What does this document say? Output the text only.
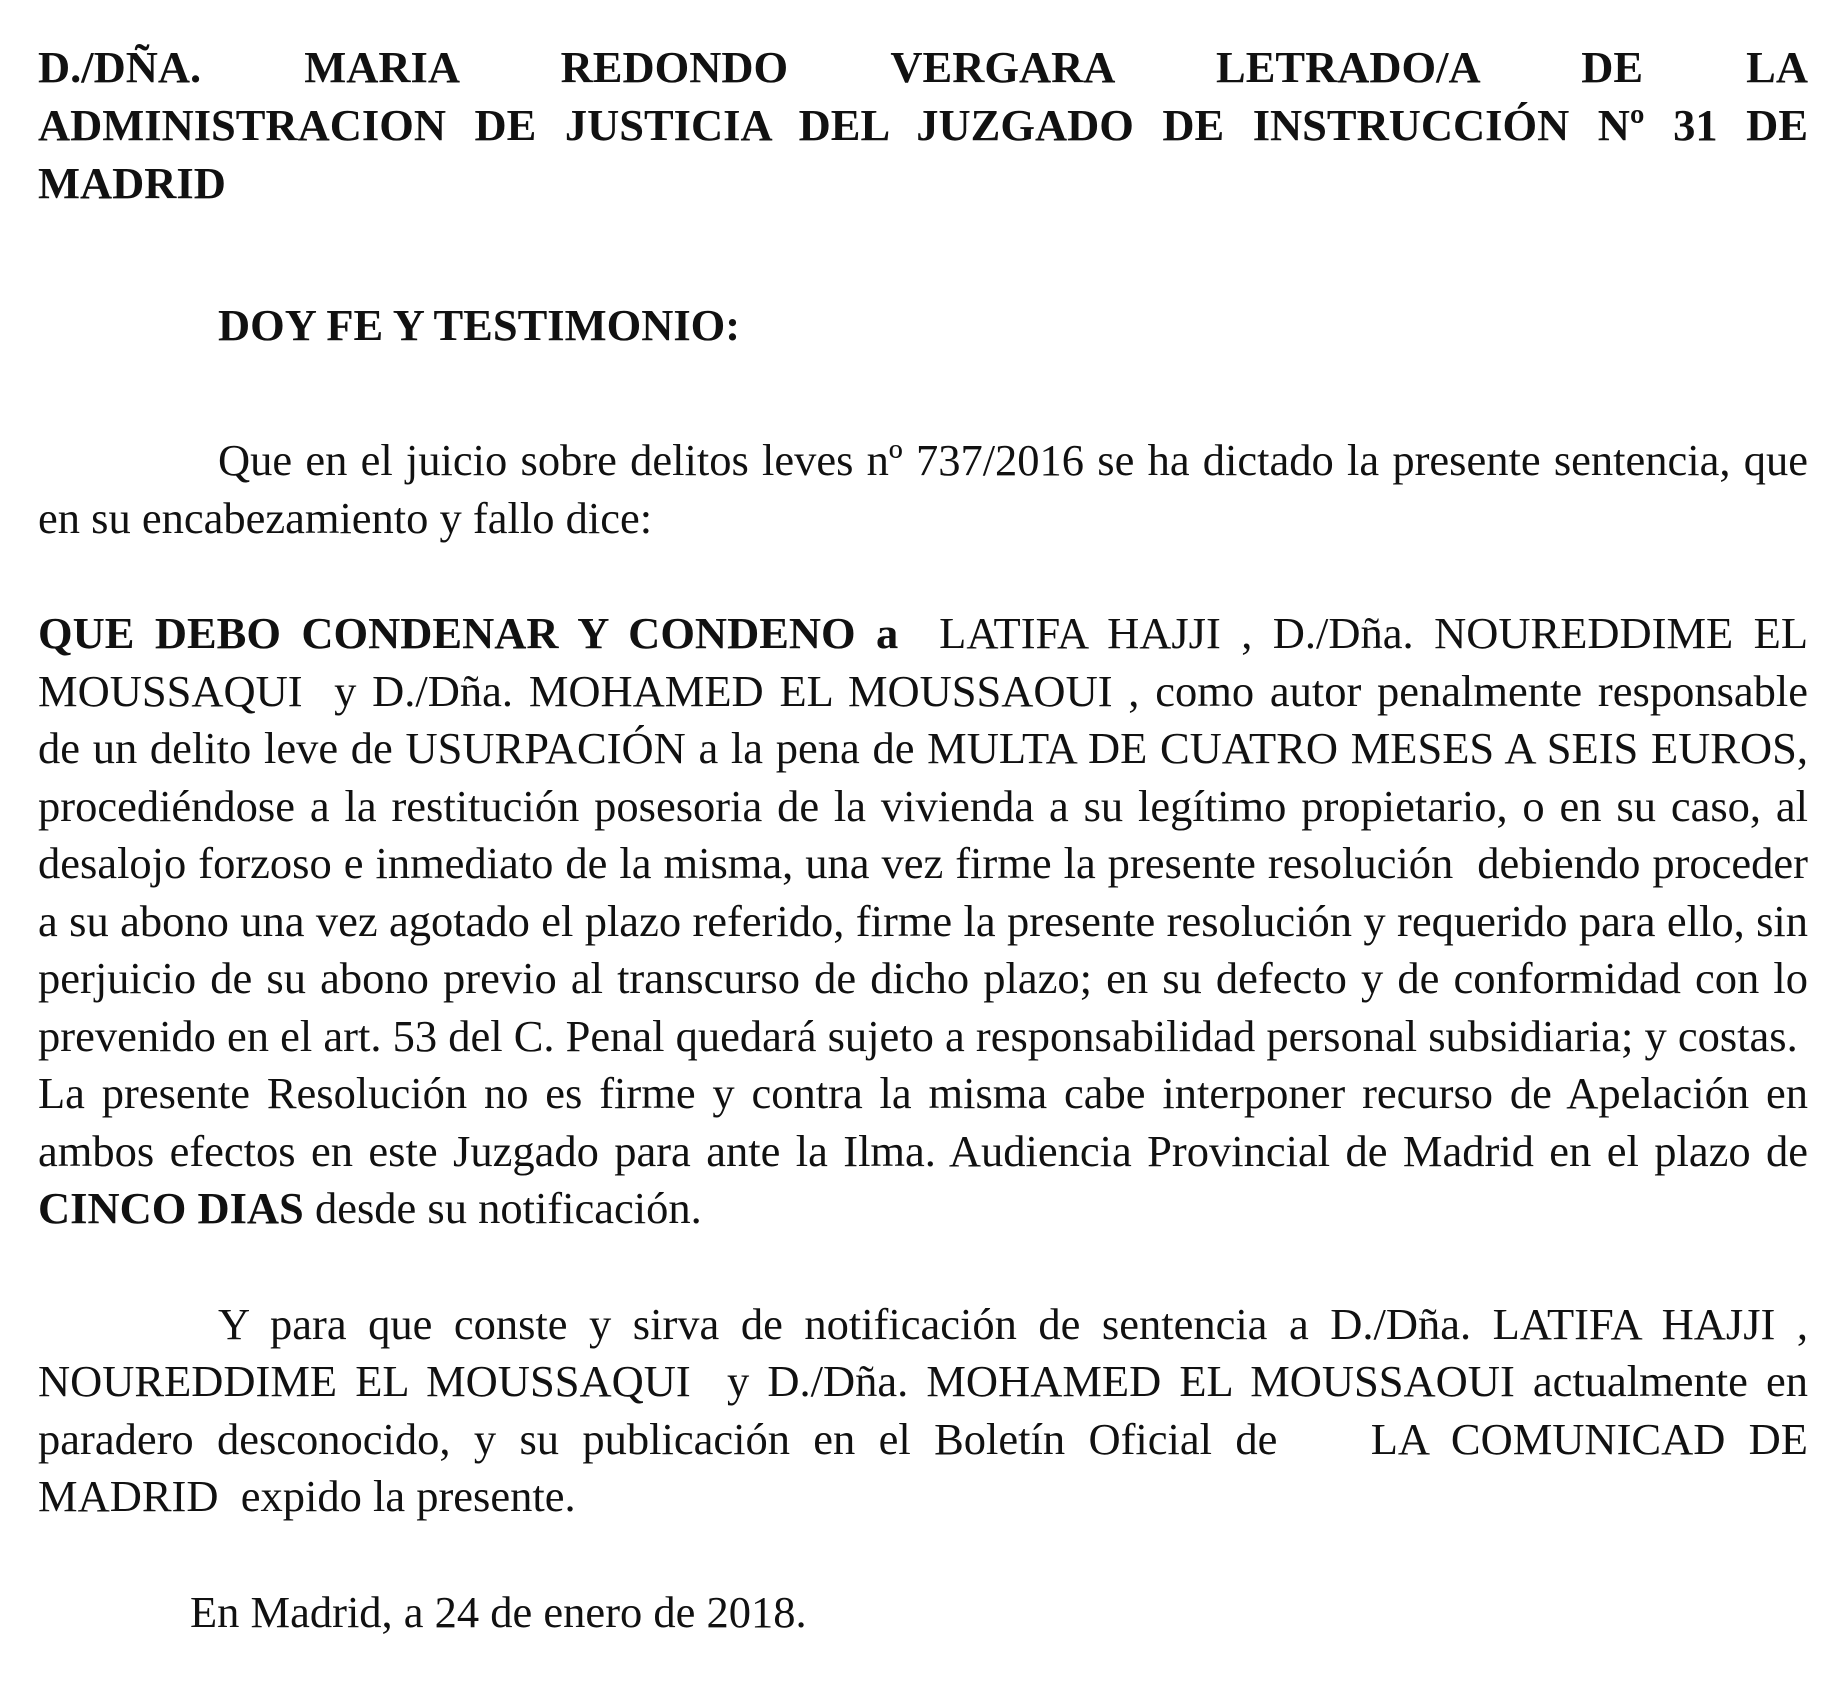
D./DÑA. MARIA REDONDO VERGARA LETRADO/A DE LA
ADMINISTRACION DE JUSTICIA DEL JUZGADO DE INSTRUCCIÓN Nº 31 DE MADRID

DOY FE Y TESTIMONIO:

Que en el juicio sobre delitos leves nº 737/2016 se ha dictado la presente sentencia, que en su encabezamiento y fallo dice:

QUE DEBO CONDENAR Y CONDENO a  LATIFA HAJJI , D./Dña. NOUREDDIME EL MOUSSAQUI  y D./Dña. MOHAMED EL MOUSSAOUI , como autor penalmente responsable de un delito leve de USURPACIÓN a la pena de MULTA DE CUATRO MESES A SEIS EUROS, procediéndose a la restitución posesoria de la vivienda a su legítimo propietario, o en su caso, al desalojo forzoso e inmediato de la misma, una vez firme la presente resolución  debiendo proceder a su abono una vez agotado el plazo referido, firme la presente resolución y requerido para ello, sin perjuicio de su abono previo al transcurso de dicho plazo; en su defecto y de conformidad con lo prevenido en el art. 53 del C. Penal quedará sujeto a responsabilidad personal subsidiaria; y costas.

La presente Resolución no es firme y contra la misma cabe interponer recurso de Apelación en ambos efectos en este Juzgado para ante la Ilma. Audiencia Provincial de Madrid en el plazo de CINCO DIAS desde su notificación.

Y para que conste y sirva de notificación de sentencia a D./Dña. LATIFA HAJJI , NOUREDDIME EL MOUSSAQUI  y D./Dña. MOHAMED EL MOUSSAOUI actualmente en paradero desconocido, y su publicación en el Boletín Oficial de    LA COMUNICAD DE MADRID  expido la presente.

En Madrid, a 24 de enero de 2018.
